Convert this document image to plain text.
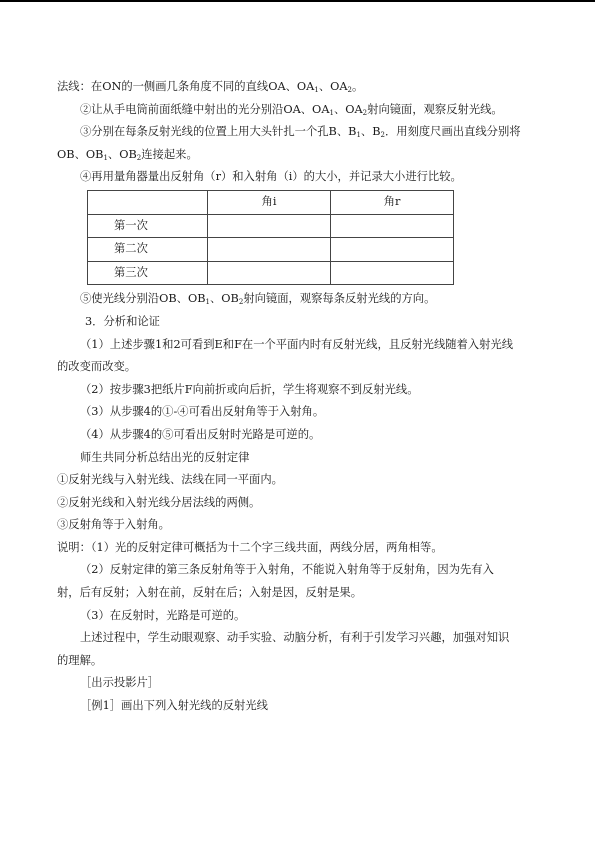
法线：在ON的一侧画几条角度不同的直线OA、$OA_1$、$OA_2$。
②让从手电筒前面纸缝中射出的光分别沿OA、$OA_1$、$OA_2$射向镜面，观察反射光线。
③分别在每条反射光线的位置上用大头针扎一个孔B、$B_1$、$B_2$．用刻度尺画出直线分别将
OB、$OB_1$、$OB_2$连接起来。
④再用量角器量出反射角（r）和入射角（i）的大小，并记录大小进行比较。
	角i	角r
第一次		
第二次		
第三次		
⑤使光线分别沿OB、$OB_1$、$OB_2$射向镜面，观察每条反射光线的方向。
3．分析和论证
（1）上述步骤1和2可看到E和F在一个平面内时有反射光线，且反射光线随着入射光线
的改变而改变。
（2）按步骤3把纸片F向前折或向后折，学生将观察不到反射光线。
（3）从步骤4的①-④可看出反射角等于入射角。
（4）从步骤4的⑤可看出反射时光路是可逆的。
师生共同分析总结出光的反射定律
①反射光线与入射光线、法线在同一平面内。
②反射光线和入射光线分居法线的两侧。
③反射角等于入射角。
说明：（1）光的反射定律可概括为十二个字三线共面，两线分居，两角相等。
（2）反射定律的第三条反射角等于入射角，不能说入射角等于反射角，因为先有入
射，后有反射；入射在前，反射在后；入射是因，反射是果。
（3）在反射时，光路是可逆的。
上述过程中，学生动眼观察、动手实验、动脑分析，有利于引发学习兴趣，加强对知识
的理解。
［出示投影片］
［例1］画出下列入射光线的反射光线
